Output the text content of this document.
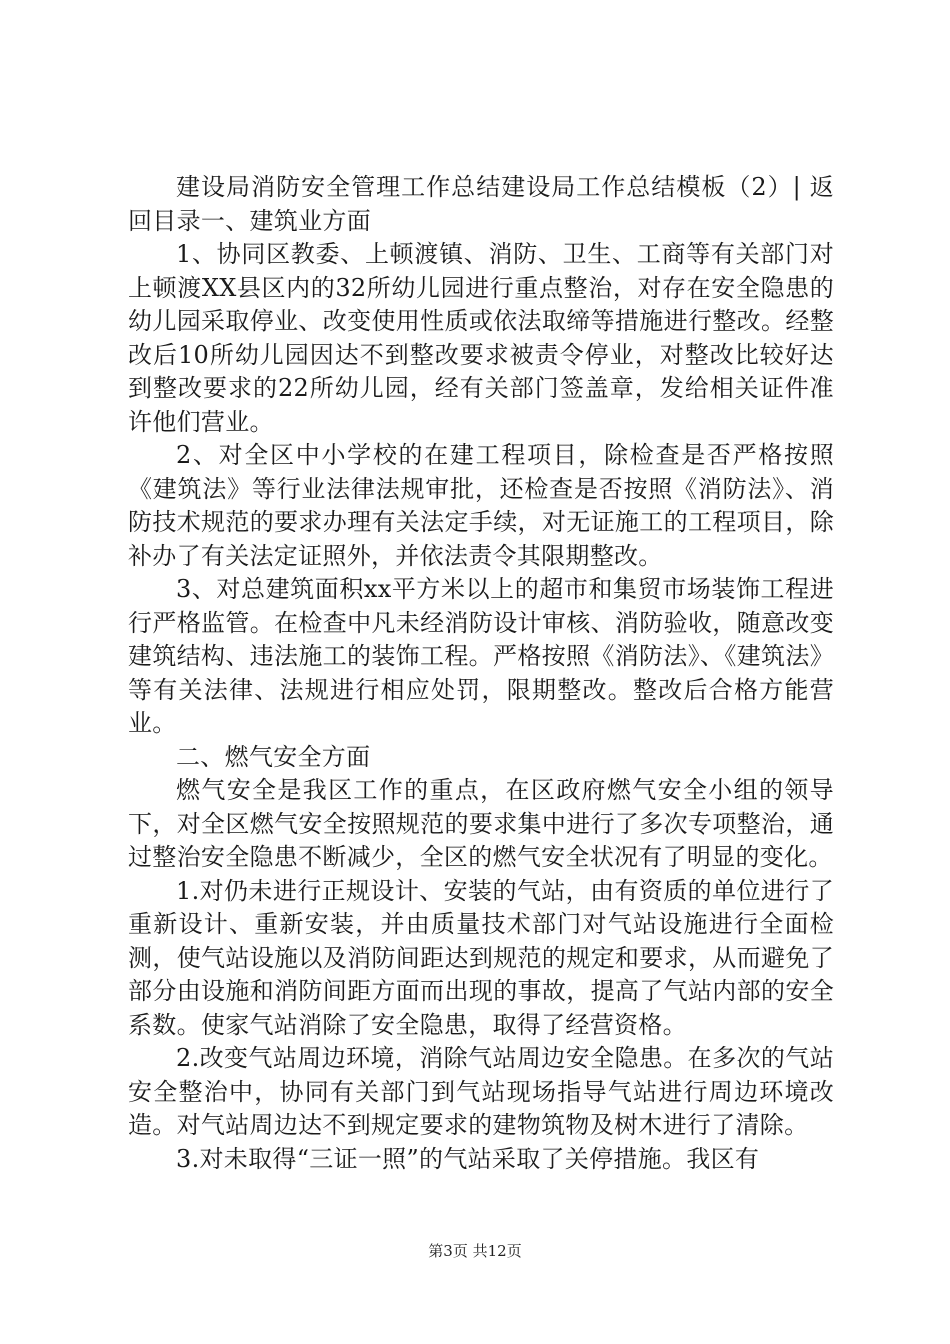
建设局消防安全管理工作总结建设局工作总结模板（2）| 返回目录一、建筑业方面

1、协同区教委、上顿渡镇、消防、卫生、工商等有关部门对上顿渡XX县区内的32所幼儿园进行重点整治，对存在安全隐患的幼儿园采取停业、改变使用性质或依法取缔等措施进行整改。经整改后10所幼儿园因达不到整改要求被责令停业，对整改比较好达到整改要求的22所幼儿园，经有关部门签盖章，发给相关证件准许他们营业。

2、对全区中小学校的在建工程项目，除检查是否严格按照《建筑法》等行业法律法规审批，还检查是否按照《消防法》、消防技术规范的要求办理有关法定手续，对无证施工的工程项目，除补办了有关法定证照外，并依法责令其限期整改。

3、对总建筑面积xx平方米以上的超市和集贸市场装饰工程进行严格监管。在检查中凡未经消防设计审核、消防验收，随意改变建筑结构、违法施工的装饰工程。严格按照《消防法》、《建筑法》等有关法律、法规进行相应处罚，限期整改。整改后合格方能营业。

二、燃气安全方面

燃气安全是我区工作的重点，在区政府燃气安全小组的领导下，对全区燃气安全按照规范的要求集中进行了多次专项整治，通过整治安全隐患不断减少，全区的燃气安全状况有了明显的变化。

1.对仍未进行正规设计、安装的气站，由有资质的单位进行了重新设计、重新安装，并由质量技术部门对气站设施进行全面检测，使气站设施以及消防间距达到规范的规定和要求，从而避免了部分由设施和消防间距方面而出现的事故，提高了气站内部的安全系数。使家气站消除了安全隐患，取得了经营资格。

2.改变气站周边环境，消除气站周边安全隐患。在多次的气站安全整治中，协同有关部门到气站现场指导气站进行周边环境改造。对气站周边达不到规定要求的建物筑物及树木进行了清除。

3.对未取得“三证一照”的气站采取了关停措施。我区有

第3页 共12页
